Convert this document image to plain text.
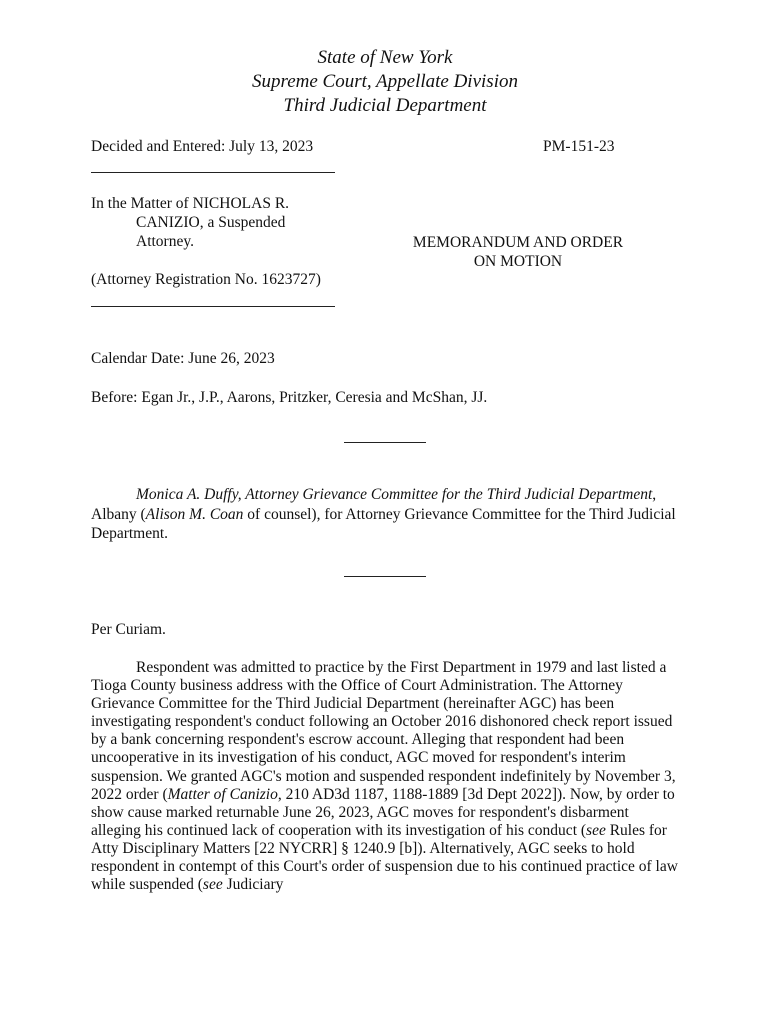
State of New York
Supreme Court, Appellate Division
Third Judicial Department
Decided and Entered: July 13, 2023	PM-151-23
In the Matter of NICHOLAS R.
CANIZIO, a Suspended
Attorney.
(Attorney Registration No. 1623727)
MEMORANDUM AND ORDER
ON MOTION
Calendar Date: June 26, 2023
Before: Egan Jr., J.P., Aarons, Pritzker, Ceresia and McShan, JJ.
Monica A. Duffy, Attorney Grievance Committee for the Third Judicial Department, Albany (Alison M. Coan of counsel), for Attorney Grievance Committee for the Third Judicial Department.
Per Curiam.
Respondent was admitted to practice by the First Department in 1979 and last listed a Tioga County business address with the Office of Court Administration. The Attorney Grievance Committee for the Third Judicial Department (hereinafter AGC) has been investigating respondent's conduct following an October 2016 dishonored check report issued by a bank concerning respondent's escrow account. Alleging that respondent had been uncooperative in its investigation of his conduct, AGC moved for respondent's interim suspension. We granted AGC's motion and suspended respondent indefinitely by November 3, 2022 order (Matter of Canizio, 210 AD3d 1187, 1188-1889 [3d Dept 2022]). Now, by order to show cause marked returnable June 26, 2023, AGC moves for respondent's disbarment alleging his continued lack of cooperation with its investigation of his conduct (see Rules for Atty Disciplinary Matters [22 NYCRR] § 1240.9 [b]). Alternatively, AGC seeks to hold respondent in contempt of this Court's order of suspension due to his continued practice of law while suspended (see Judiciary
